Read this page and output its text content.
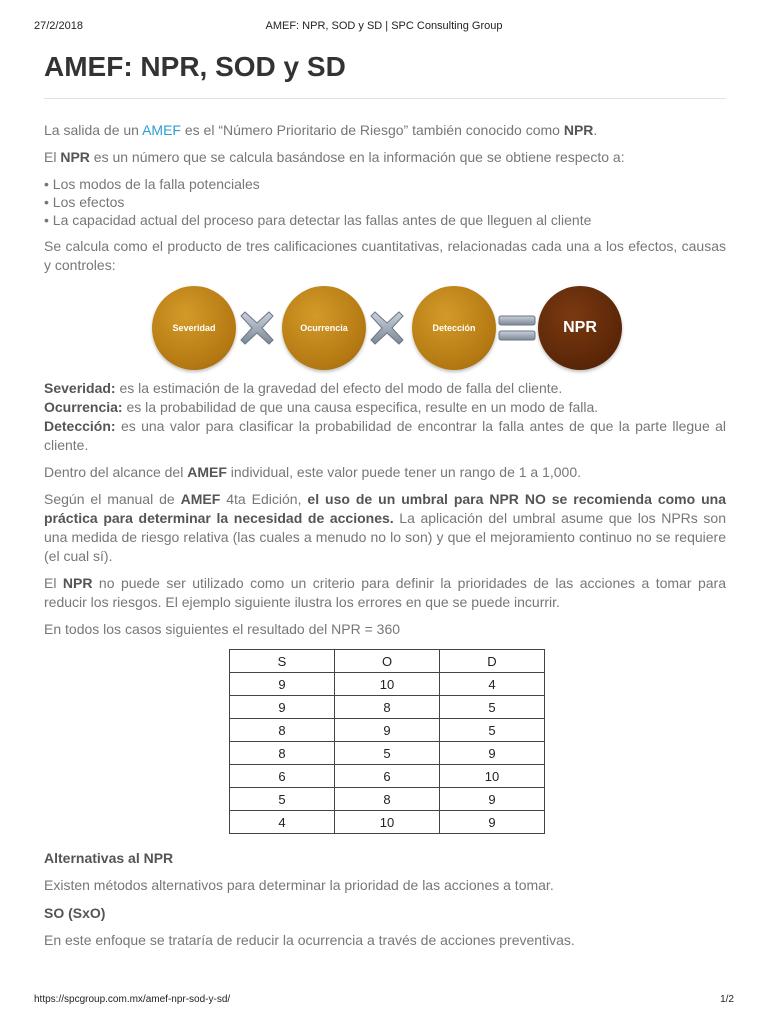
27/2/2018	AMEF: NPR, SOD y SD | SPC Consulting Group
AMEF: NPR, SOD y SD

La salida de un AMEF es el “Número Prioritario de Riesgo” también conocido como NPR.

El NPR es un número que se calcula basándose en la información que se obtiene respecto a:

• Los modos de la falla potenciales
• Los efectos
• La capacidad actual del proceso para detectar las fallas antes de que lleguen al cliente

Se calcula como el producto de tres calificaciones cuantitativas, relacionadas cada una a los efectos, causas y controles:

Severidad	Ocurrencia	Detección	NPR

Severidad: es la estimación de la gravedad del efecto del modo de falla del cliente.

Ocurrencia: es la probabilidad de que una causa especifica, resulte en un modo de falla.

Detección: es una valor para clasificar la probabilidad de encontrar la falla antes de que la parte llegue al cliente.

Dentro del alcance del AMEF individual, este valor puede tener un rango de 1 a 1,000.

Según el manual de AMEF 4ta Edición, el uso de un umbral para NPR NO se recomienda como una práctica para determinar la necesidad de acciones. La aplicación del umbral asume que los NPRs son una medida de riesgo relativa (las cuales a menudo no lo son) y que el mejoramiento continuo no se requiere (el cual sí).

El NPR no puede ser utilizado como un criterio para definir la prioridades de las acciones a tomar para reducir los riesgos. El ejemplo siguiente ilustra los errores en que se puede incurrir.

En todos los casos siguientes el resultado del NPR = 360

S	O	D
9	10	4
9	8	5
8	9	5
8	5	9
6	6	10
5	8	9
4	10	9
Alternativas al NPR

Existen métodos alternativos para determinar la prioridad de las acciones a tomar.

SO (SxO)

En este enfoque se trataría de reducir la ocurrencia a través de acciones preventivas.

https://spcgroup.com.mx/amef-npr-sod-y-sd/	1/2
